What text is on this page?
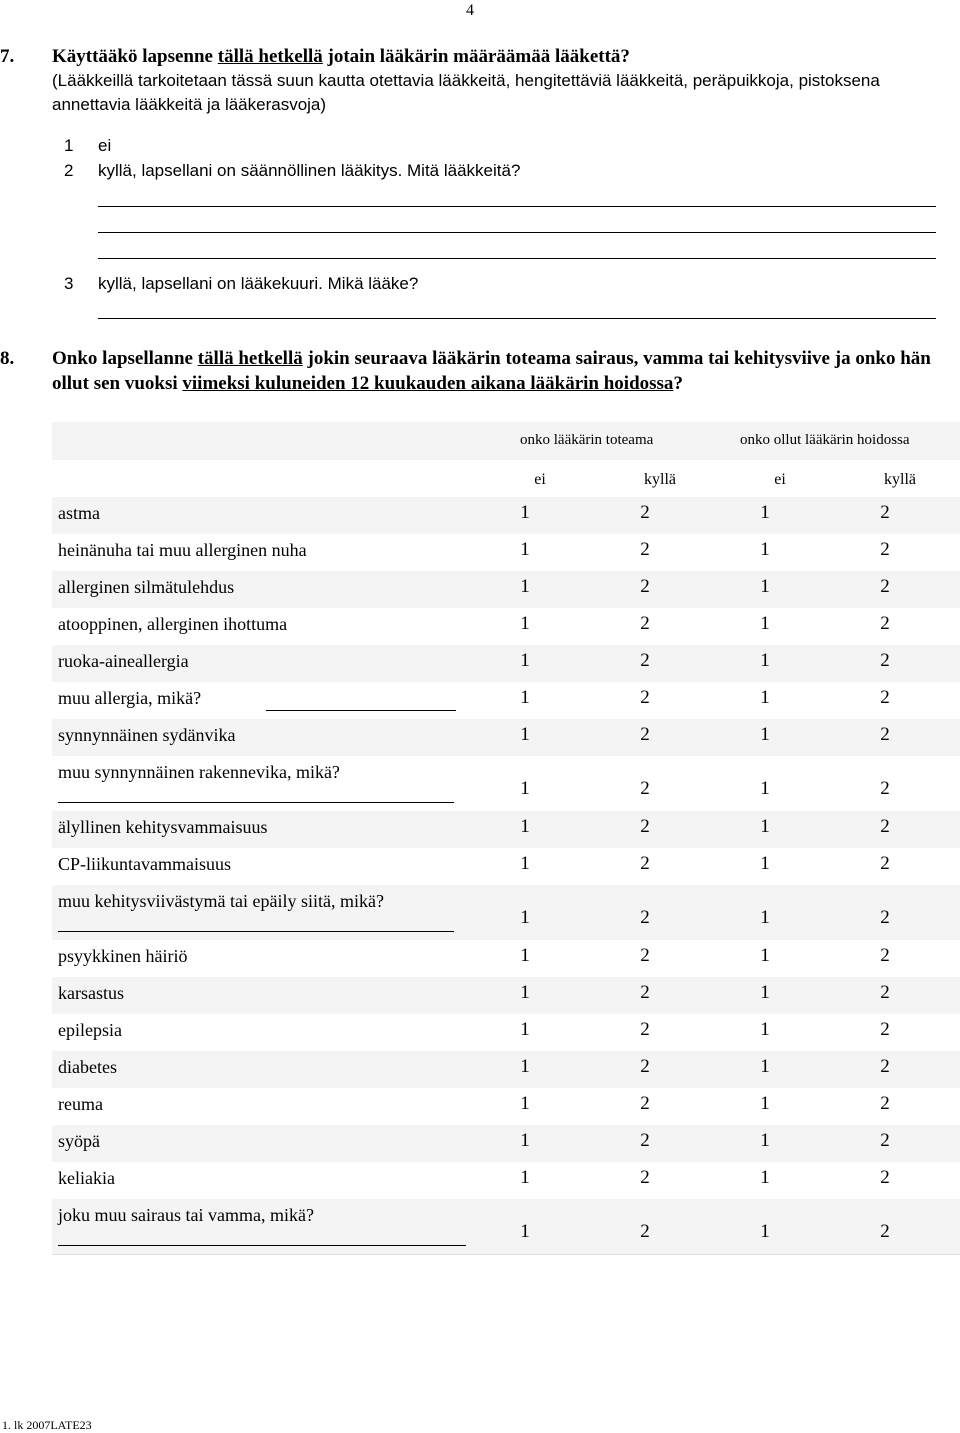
4

7. Käyttääkö lapsenne tällä hetkellä jotain lääkärin määräämää lääkettä?

(Lääkkeillä tarkoitetaan tässä suun kautta otettavia lääkkeitä, hengitettäviä lääkkeitä, peräpuikkoja, pistoksena annettavia lääkkeitä ja lääkerasvoja)
1 ei
2 kyllä, lapsellani on säännöllinen lääkitys. Mitä lääkkeitä?
3 kyllä, lapsellani on lääkekuuri. Mikä lääke?

8. Onko lapsellanne tällä hetkellä jokin seuraava lääkärin toteama sairaus, vamma tai kehitysviive ja onko hän ollut sen vuoksi viimeksi kuluneiden 12 kuukauden aikana lääkärin hoidossa?

onko lääkärin toteama	onko ollut lääkärin hoidossa
ei	kyllä	ei	kyllä
astma	1	2	1	2
heinänuha tai muu allerginen nuha	1	2	1	2
allerginen silmätulehdus	1	2	1	2
atooppinen, allerginen ihottuma	1	2	1	2
ruoka-aineallergia	1	2	1	2
muu allergia, mikä?	1	2	1	2
synnynnäinen sydänvika	1	2	1	2
muu synnynnäinen rakennevika, mikä?
1	2	1	2
älyllinen kehitysvammaisuus	1	2	1	2
CP-liikuntavammaisuus	1	2	1	2
muu kehitysviivästymä tai epäily siitä, mikä?
1	2	1	2
psyykkinen häiriö	1	2	1	2
karsastus	1	2	1	2
epilepsia	1	2	1	2
diabetes	1	2	1	2
reuma	1	2	1	2
syöpä	1	2	1	2
keliakia	1	2	1	2
joku muu sairaus tai vamma, mikä?
1	2	1	2
1. lk 2007LATE23
